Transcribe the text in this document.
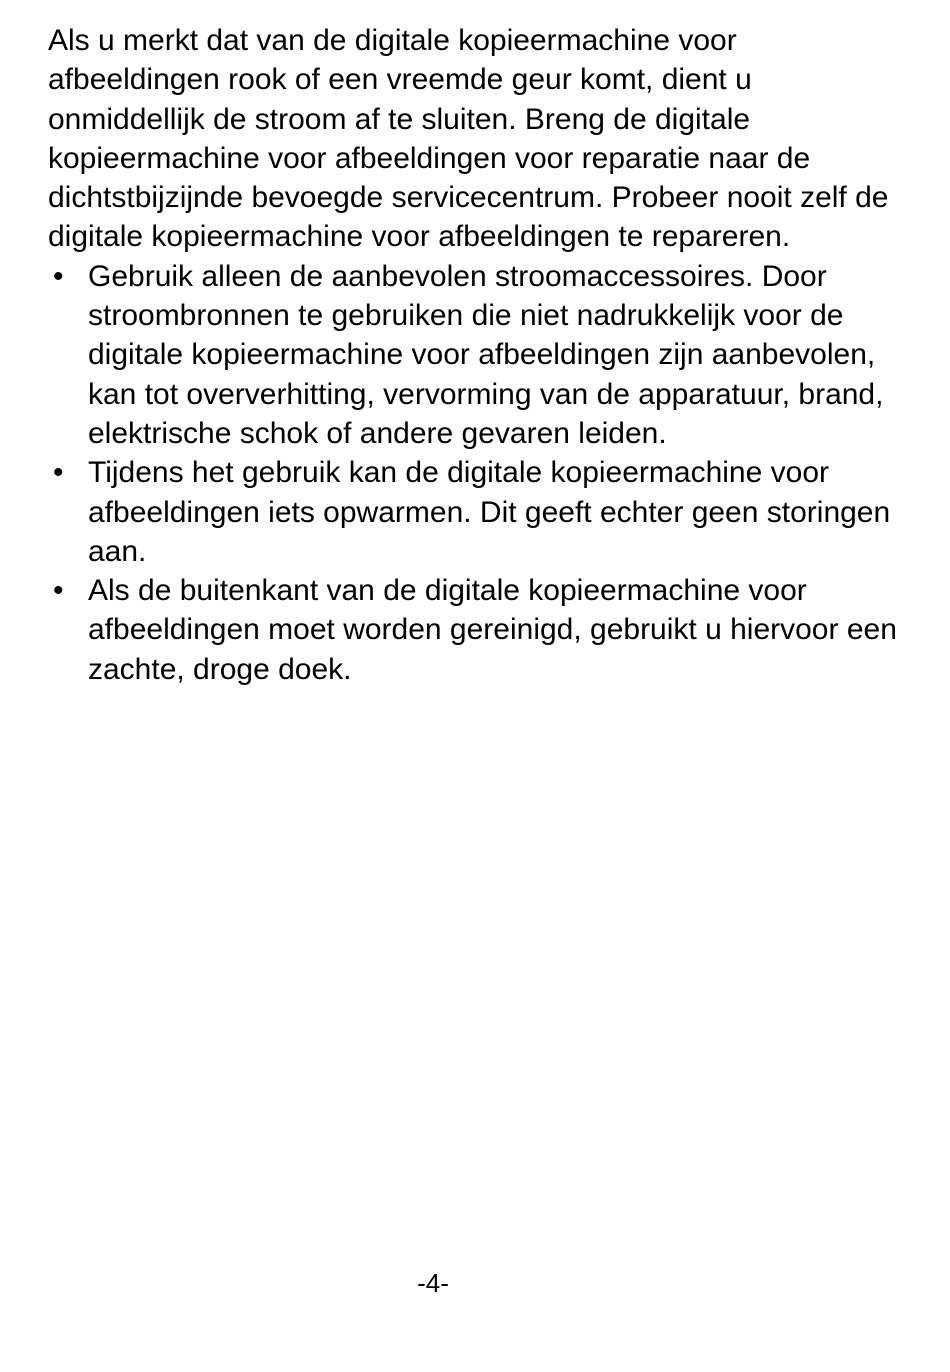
Als u merkt dat van de digitale kopieermachine voor afbeeldingen rook of een vreemde geur komt, dient u onmiddellijk de stroom af te sluiten. Breng de digitale kopieermachine voor afbeeldingen voor reparatie naar de dichtstbijzijnde bevoegde servicecentrum. Probeer nooit zelf de digitale kopieermachine voor afbeeldingen te repareren.

• Gebruik alleen de aanbevolen stroomaccessoires. Door stroombronnen te gebruiken die niet nadrukkelijk voor de digitale kopieermachine voor afbeeldingen zijn aanbevolen, kan tot oververhitting, vervorming van de apparatuur, brand, elektrische schok of andere gevaren leiden.
• Tijdens het gebruik kan de digitale kopieermachine voor afbeeldingen iets opwarmen. Dit geeft echter geen storingen aan.
• Als de buitenkant van de digitale kopieermachine voor afbeeldingen moet worden gereinigd, gebruikt u hiervoor een zachte, droge doek.
-4-
